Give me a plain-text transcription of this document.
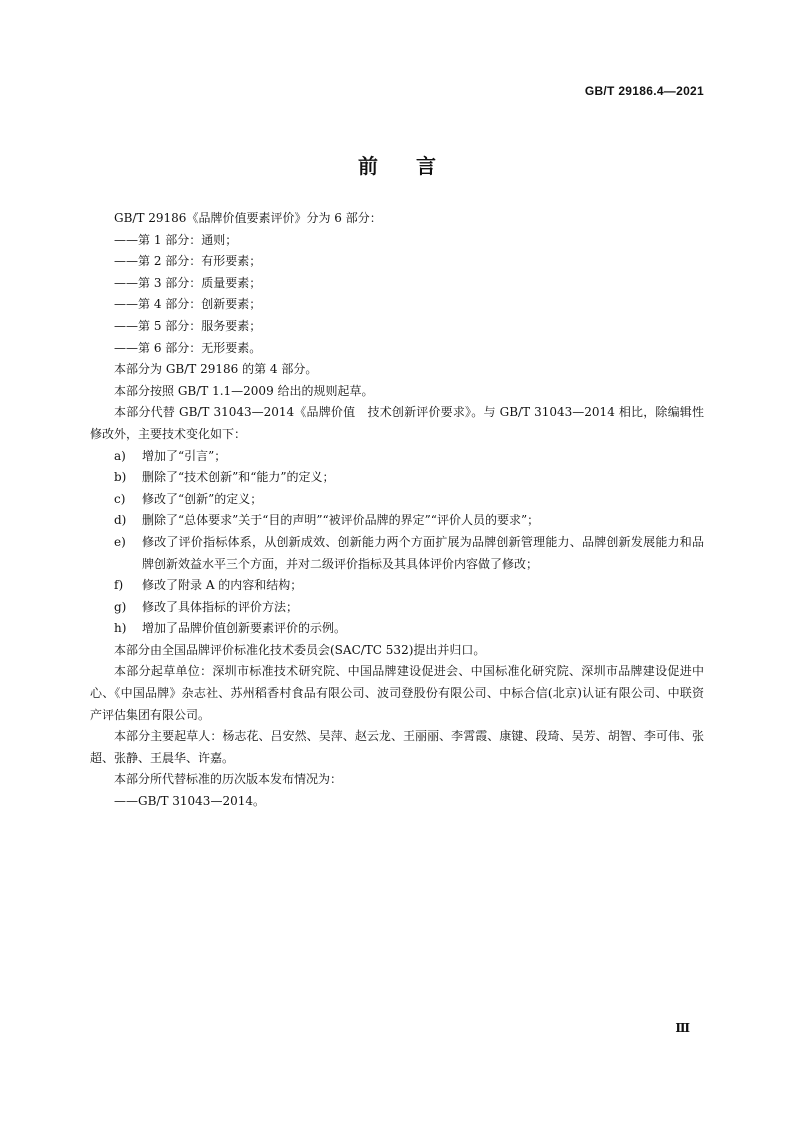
GB/T 29186.4—2021
前言

GB/T 29186《品牌价值要素评价》分为 6 部分：

——第 1 部分：通则；

——第 2 部分：有形要素；

——第 3 部分：质量要素；

——第 4 部分：创新要素；

——第 5 部分：服务要素；

——第 6 部分：无形要素。

本部分为 GB/T 29186 的第 4 部分。

本部分按照 GB/T 1.1—2009 给出的规则起草。

本部分代替 GB/T 31043—2014《品牌价值　技术创新评价要求》。与 GB/T 31043—2014 相比，除编辑性修改外，主要技术变化如下：

a)	增加了“引言”；
b)	删除了“技术创新”和“能力”的定义；
c)	修改了“创新”的定义；
d)	删除了“总体要求”关于“目的声明”“被评价品牌的界定”“评价人员的要求”；
e)	修改了评价指标体系，从创新成效、创新能力两个方面扩展为品牌创新管理能力、品牌创新发展能力和品牌创新效益水平三个方面，并对二级评价指标及其具体评价内容做了修改；
f)	修改了附录 A 的内容和结构；
g)	修改了具体指标的评价方法；
h)	增加了品牌价值创新要素评价的示例。

本部分由全国品牌评价标准化技术委员会(SAC/TC 532)提出并归口。

本部分起草单位：深圳市标准技术研究院、中国品牌建设促进会、中国标准化研究院、深圳市品牌建设促进中心、《中国品牌》杂志社、苏州稻香村食品有限公司、波司登股份有限公司、中标合信(北京)认证有限公司、中联资产评估集团有限公司。

本部分主要起草人：杨志花、吕安然、吴萍、赵云龙、王丽丽、李霄霞、康键、段琦、吴芳、胡智、李可伟、张超、张静、王晨华、许嘉。

本部分所代替标准的历次版本发布情况为：

——GB/T 31043—2014。

Ⅲ
